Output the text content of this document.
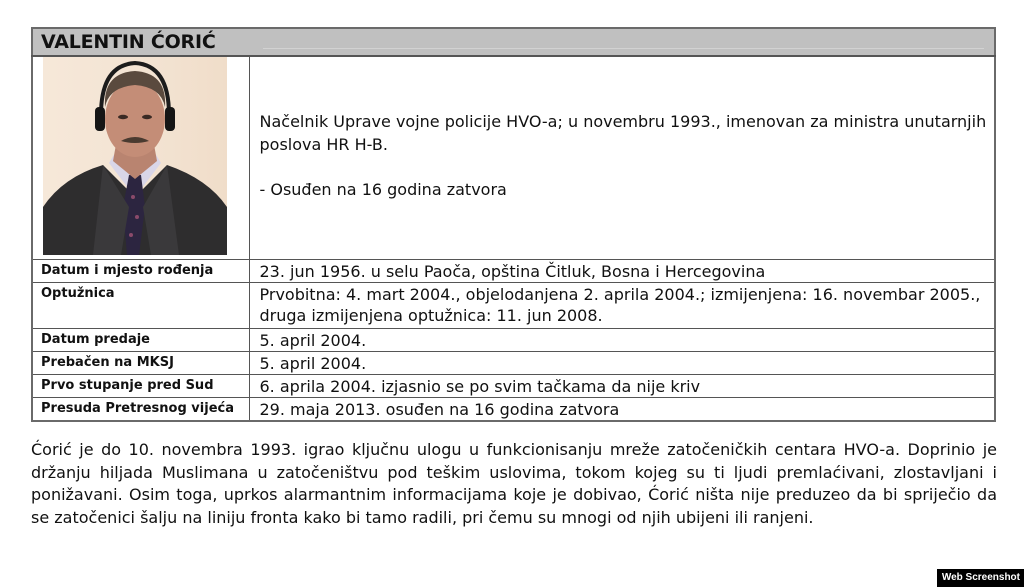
VALENTIN ĆORIĆ	

Načelnik Uprave vojne policije HVO-a; u novembru 1993., imenovan za ministra unutarnjih poslova HR H-B.

- Osuđen na 16 godina zatvora

Datum i mjesto rođenja	23. jun 1956. u selu Paoča, opština Čitluk, Bosna i Hercegovina
Optužnica	Prvobitna: 4. mart 2004., objelodanjena 2. aprila 2004.; izmijenjena: 16. novembar 2005., druga izmijenjena optužnica: 11. jun 2008.
Datum predaje	5. april 2004.
Prebačen na MKSJ	5. april 2004.
Prvo stupanje pred Sud	6. aprila 2004. izjasnio se po svim tačkama da nije kriv
Presuda Pretresnog vijeća	29. maja 2013. osuđen na 16 godina zatvora

Ćorić je do 10. novembra 1993. igrao ključnu ulogu u funkcionisanju mreže zatočeničkih centara HVO-a. Doprinio je držanju hiljada Muslimana u zatočeništvu pod teškim uslovima, tokom kojeg su ti ljudi premlaćivani, zlostavljani i ponižavani. Osim toga, uprkos alarmantnim informacijama koje je dobivao, Ćorić ništa nije preduzeo da bi spriječio da se zatočenici šalju na liniju fronta kako bi tamo radili, pri čemu su mnogi od njih ubijeni ili ranjeni.

Web Screenshot
